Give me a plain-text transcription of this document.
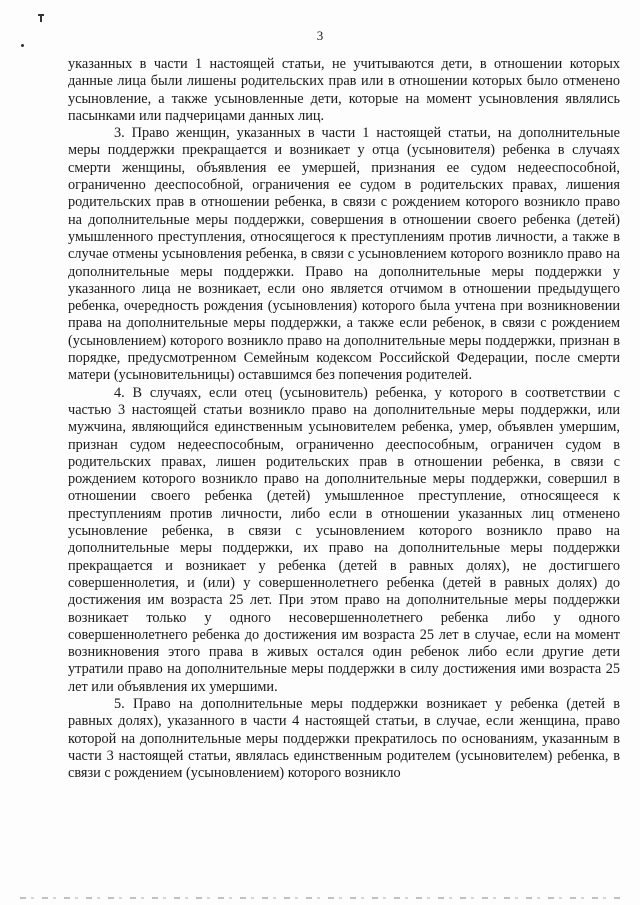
3

указанных в части 1 настоящей статьи, не учитываются дети, в отношении которых данные лица были лишены родительских прав или в отношении которых было отменено усыновление, а также усыновленные дети, которые на момент усыновления являлись пасынками или падчерицами данных лиц.

3. Право женщин, указанных в части 1 настоящей статьи, на дополнительные меры поддержки прекращается и возникает у отца (усыновителя) ребенка в случаях смерти женщины, объявления ее умершей, признания ее судом недееспособной, ограниченно дееспособной, ограничения ее судом в родительских правах, лишения родительских прав в отношении ребенка, в связи с рождением которого возникло право на дополнительные меры поддержки, совершения в отношении своего ребенка (детей) умышленного преступления, относящегося к преступлениям против личности, а также в случае отмены усыновления ребенка, в связи с усыновлением которого возникло право на дополнительные меры поддержки. Право на дополнительные меры поддержки у указанного лица не возникает, если оно является отчимом в отношении предыдущего ребенка, очередность рождения (усыновления) которого была учтена при возникновении права на дополнительные меры поддержки, а также если ребенок, в связи с рождением (усыновлением) которого возникло право на дополнительные меры поддержки, признан в порядке, предусмотренном Семейным кодексом Российской Федерации, после смерти матери (усыновительницы) оставшимся без попечения родителей.

4. В случаях, если отец (усыновитель) ребенка, у которого в соответствии с частью 3 настоящей статьи возникло право на дополнительные меры поддержки, или мужчина, являющийся единственным усыновителем ребенка, умер, объявлен умершим, признан судом недееспособным, ограниченно дееспособным, ограничен судом в родительских правах, лишен родительских прав в отношении ребенка, в связи с рождением которого возникло право на дополнительные меры поддержки, совершил в отношении своего ребенка (детей) умышленное преступление, относящееся к преступлениям против личности, либо если в отношении указанных лиц отменено усыновление ребенка, в связи с усыновлением которого возникло право на дополнительные меры поддержки, их право на дополнительные меры поддержки прекращается и возникает у ребенка (детей в равных долях), не достигшего совершеннолетия, и (или) у совершеннолетнего ребенка (детей в равных долях) до достижения им возраста 25 лет. При этом право на дополнительные меры поддержки возникает только у одного несовершеннолетнего ребенка либо у одного совершеннолетнего ребенка до достижения им возраста 25 лет в случае, если на момент возникновения этого права в живых остался один ребенок либо если другие дети утратили право на дополнительные меры поддержки в силу достижения ими возраста 25 лет или объявления их умершими.

5. Право на дополнительные меры поддержки возникает у ребенка (детей в равных долях), указанного в части 4 настоящей статьи, в случае, если женщина, право которой на дополнительные меры поддержки прекратилось по основаниям, указанным в части 3 настоящей статьи, являлась единственным родителем (усыновителем) ребенка, в связи с рождением (усыновлением) которого возникло
